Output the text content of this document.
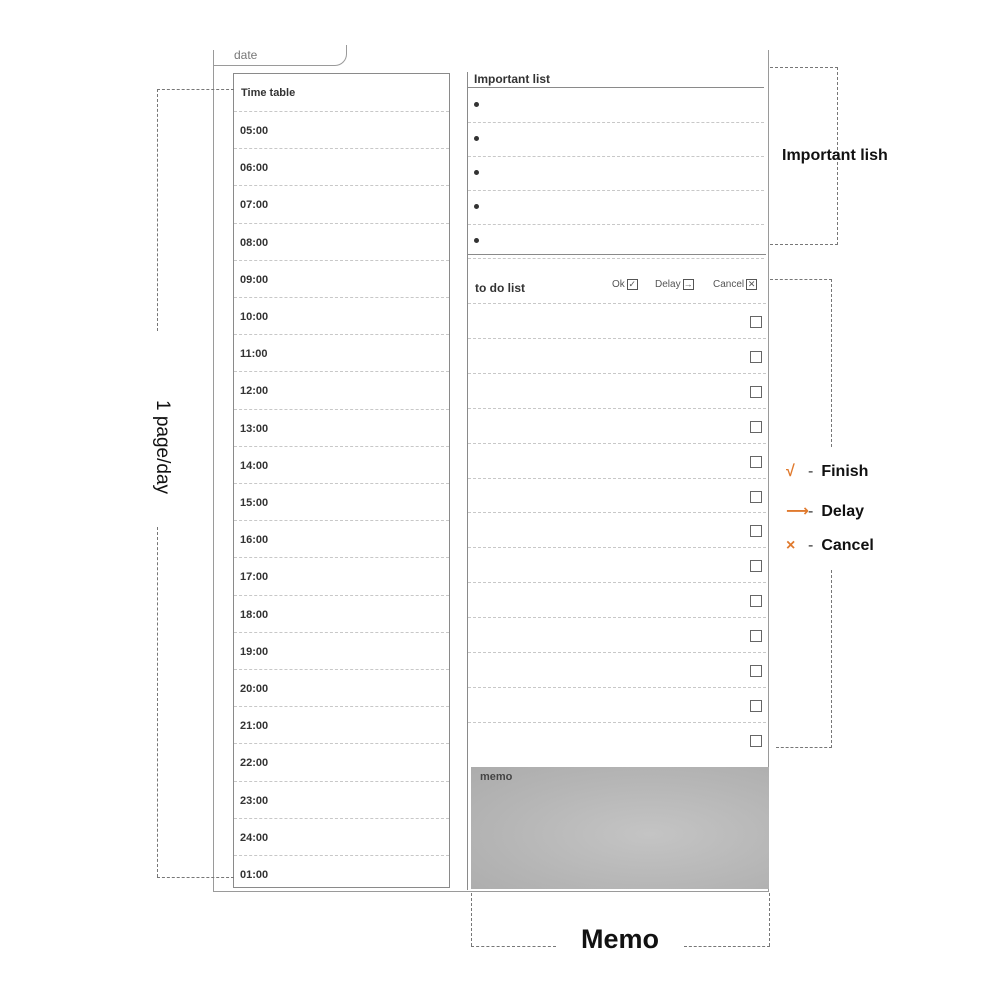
date
Time table
05:00
06:00
07:00
08:00
09:00
10:00
11:00
12:00
13:00
14:00
15:00
16:00
17:00
18:00
19:00
20:00
21:00
22:00
23:00
24:00
01:00
Important list
to do list	Ok ✓ Delay → Cancel ✕
memo
Important lish
1 page/day	√ - Finish
⟶- Delay
× - Cancel
Memo
